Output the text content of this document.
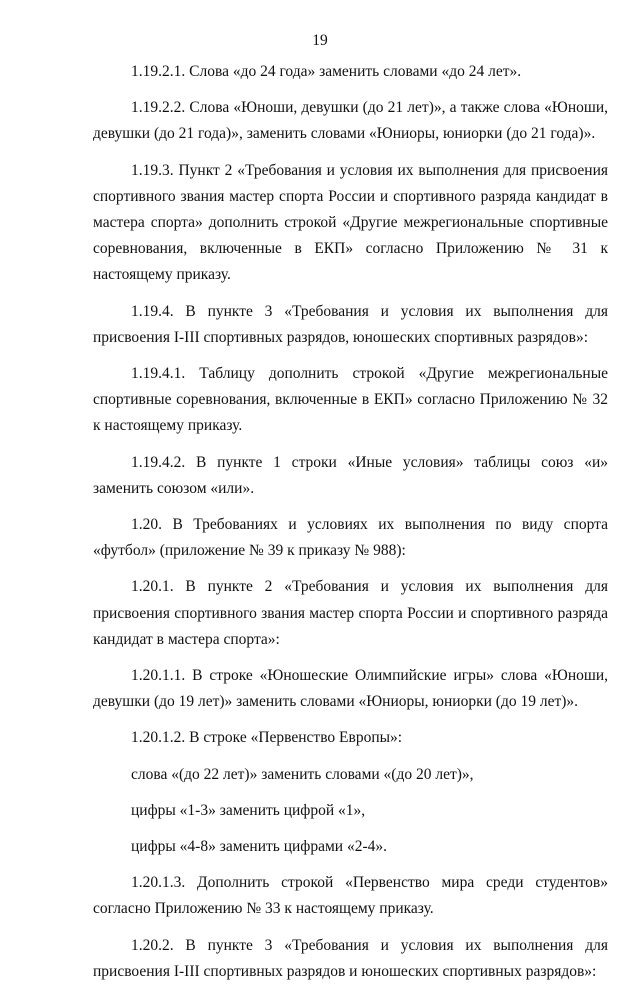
19

1.19.2.1. Слова «до 24 года» заменить словами «до 24 лет».

1.19.2.2. Слова «Юноши, девушки (до 21 лет)», а также слова «Юноши, девушки (до 21 года)», заменить словами «Юниоры, юниорки (до 21 года)».

1.19.3. Пункт 2 «Требования и условия их выполнения для присвоения спортивного звания мастер спорта России и спортивного разряда кандидат в мастера спорта» дополнить строкой «Другие межрегиональные спортивные соревнования, включенные в ЕКП» согласно Приложению № 31 к настоящему приказу.

1.19.4. В пункте 3 «Требования и условия их выполнения для присвоения I-III спортивных разрядов, юношеских спортивных разрядов»:

1.19.4.1. Таблицу дополнить строкой «Другие межрегиональные спортивные соревнования, включенные в ЕКП» согласно Приложению № 32 к настоящему приказу.

1.19.4.2. В пункте 1 строки «Иные условия» таблицы союз «и» заменить союзом «или».

1.20. В Требованиях и условиях их выполнения по виду спорта «футбол» (приложение № 39 к приказу № 988):

1.20.1. В пункте 2 «Требования и условия их выполнения для присвоения спортивного звания мастер спорта России и спортивного разряда кандидат в мастера спорта»:

1.20.1.1. В строке «Юношеские Олимпийские игры» слова «Юноши, девушки (до 19 лет)» заменить словами «Юниоры, юниорки (до 19 лет)».

1.20.1.2. В строке «Первенство Европы»:

слова «(до 22 лет)» заменить словами «(до 20 лет)»,

цифры «1-3» заменить цифрой «1»,

цифры «4-8» заменить цифрами «2-4».

1.20.1.3. Дополнить строкой «Первенство мира среди студентов» согласно Приложению № 33 к настоящему приказу.

1.20.2. В пункте 3 «Требования и условия их выполнения для присвоения I-III спортивных разрядов и юношеских спортивных разрядов»:
